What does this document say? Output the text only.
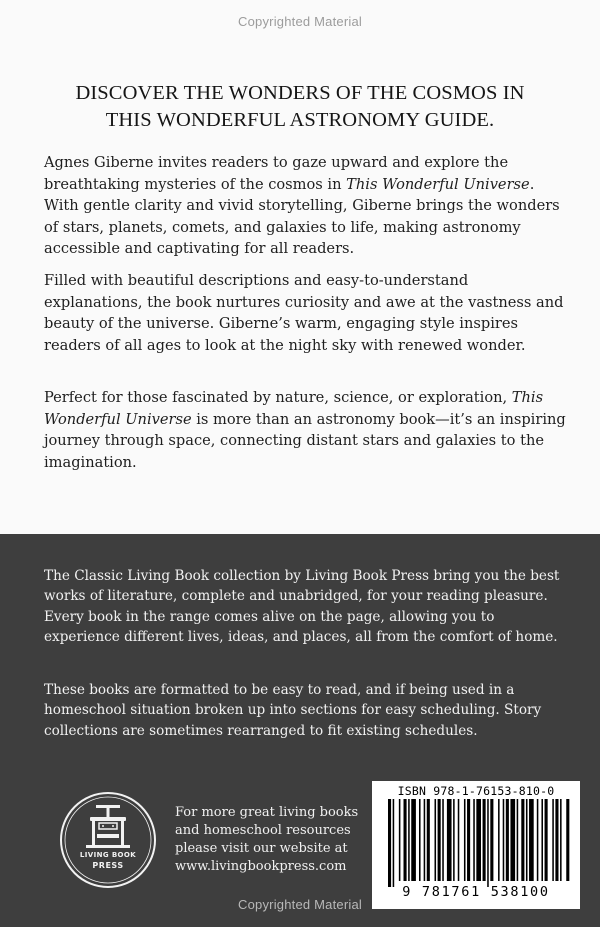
Copyrighted Material
DISCOVER THE WONDERS OF THE COSMOS IN
THIS WONDERFUL ASTRONOMY GUIDE.

Agnes Giberne invites readers to gaze upward and explore the breathtaking mysteries of the cosmos in This Wonderful Universe. With gentle clarity and vivid storytelling, Giberne brings the wonders of stars, planets, comets, and galaxies to life, making astronomy accessible and captivating for all readers.

Filled with beautiful descriptions and easy-to-understand explanations, the book nurtures curiosity and awe at the vastness and beauty of the universe. Giberne’s warm, engaging style inspires readers of all ages to look at the night sky with renewed wonder.

Perfect for those fascinated by nature, science, or exploration, This Wonderful Universe is more than an astronomy book—it’s an inspiring journey through space, connecting distant stars and galaxies to the imagination.

The Classic Living Book collection by Living Book Press bring you the best works of literature, complete and unabridged, for your reading pleasure. Every book in the range comes alive on the page, allowing you to experience different lives, ideas, and places, all from the comfort of home.

These books are formatted to be easy to read, and if being used in a homeschool situation broken up into sections for easy scheduling. Story collections are sometimes rearranged to fit existing schedules.

LIVING BOOK
PRESS
For more great living books
and homeschool resources
please visit our website at
www.livingbookpress.com
ISBN 978-1-76153-810-0
9 781761 538100
Copyrighted Material
